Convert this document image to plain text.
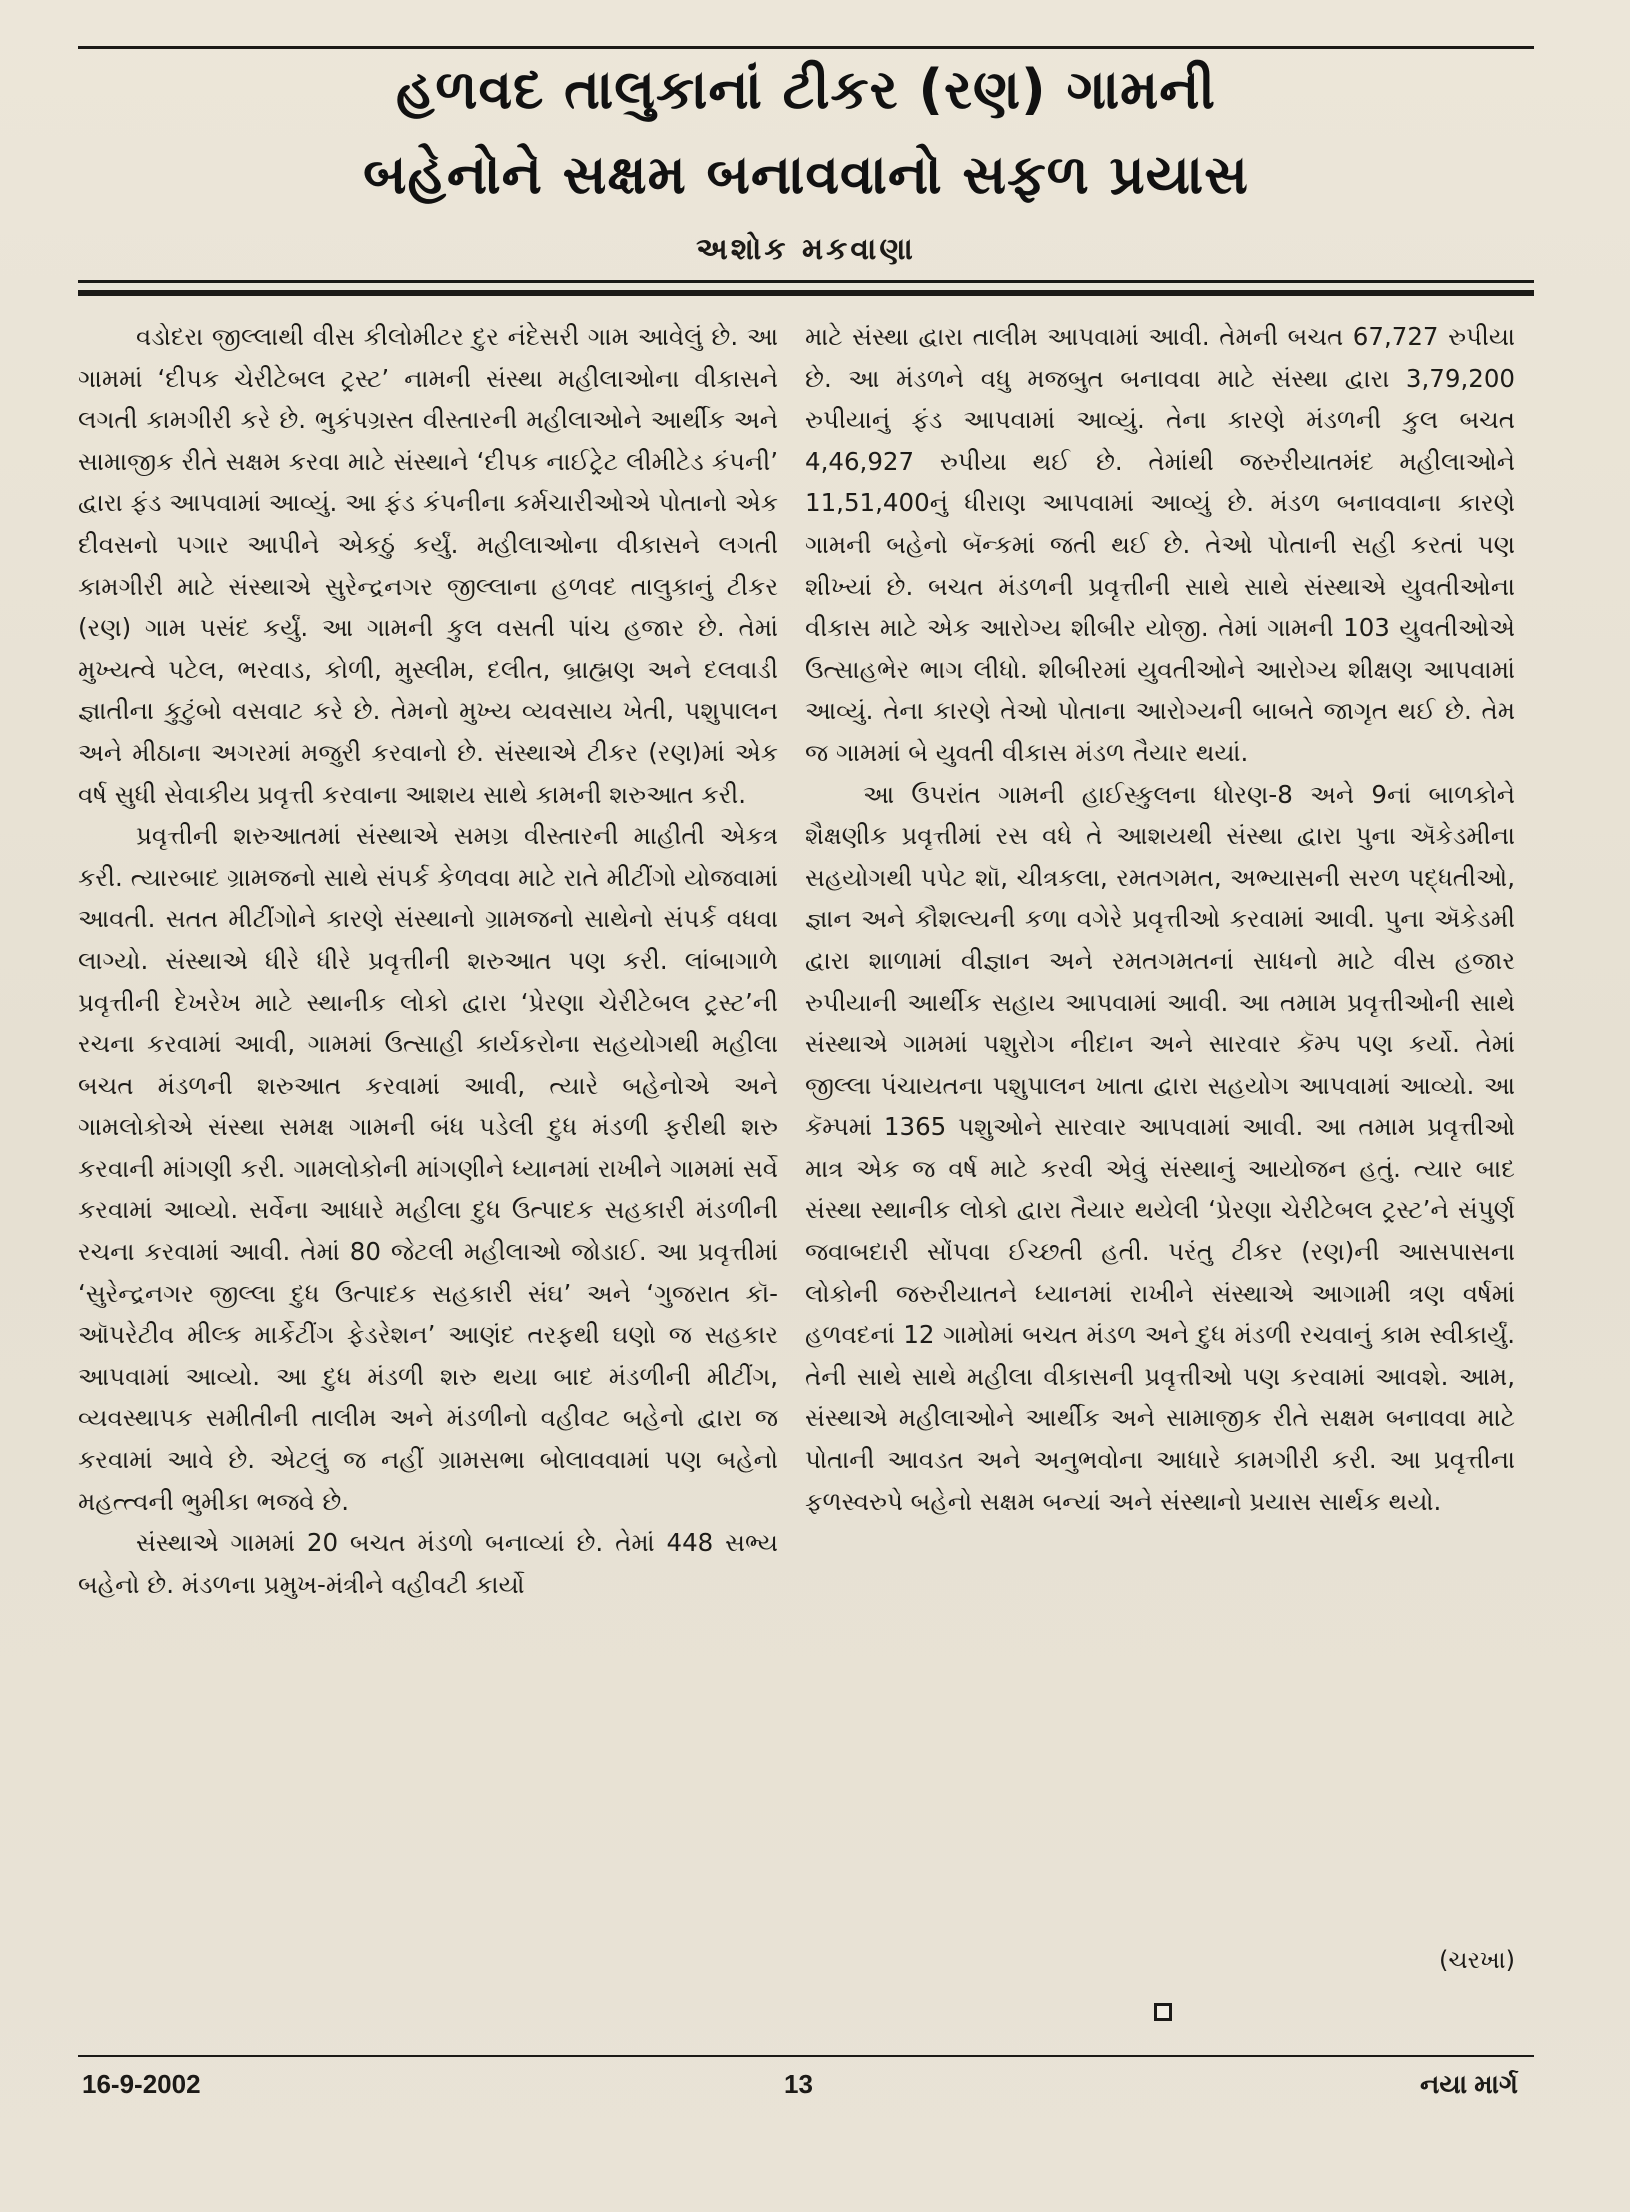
હળવદ તાલુકાનાં ટીકર (રણ) ગામની
બહેનોને સક્ષમ બનાવવાનો સફળ પ્રયાસ
અશોક મકવાણા

વડોદરા જીલ્લાથી વીસ કીલોમીટર દુર નંદેસરી ગામ આવેલું છે. આ ગામમાં ‘દીપક ચેરીટેબલ ટ્રસ્ટ’ નામની સંસ્થા મહીલાઓના વીકાસને લગતી કામગીરી કરે છે. ભુકંપગ્રસ્ત વીસ્તારની મહીલાઓને આર્થીક અને સામાજીક રીતે સક્ષમ કરવા માટે સંસ્થાને ‘દીપક નાઈટ્રેટ લીમીટેડ કંપની’ દ્વારા ફંડ આપવામાં આવ્યું. આ ફંડ કંપનીના કર્મચારીઓએ પોતાનો એક દીવસનો પગાર આપીને એકઠું કર્યું. મહીલાઓના વીકાસને લગતી કામગીરી માટે સંસ્થાએ સુરેન્દ્રનગર જીલ્લાના હળવદ તાલુકાનું ટીકર (રણ) ગામ પસંદ કર્યું. આ ગામની કુલ વસતી પાંચ હજાર છે. તેમાં મુખ્યત્વે પટેલ, ભરવાડ, કોળી, મુસ્લીમ, દલીત, બ્રાહ્મણ અને દલવાડી જ્ઞાતીના કુટુંબો વસવાટ કરે છે. તેમનો મુખ્ય વ્યવસાય ખેતી, પશુપાલન અને મીઠાના અગરમાં મજુરી કરવાનો છે. સંસ્થાએ ટીકર (રણ)માં એક વર્ષ સુધી સેવાકીય પ્રવૃત્તી કરવાના આશય સાથે કામની શરુઆત કરી.

પ્રવૃત્તીની શરુઆતમાં સંસ્થાએ સમગ્ર વીસ્તારની માહીતી એકત્ર કરી. ત્યારબાદ ગ્રામજનો સાથે સંપર્ક કેળવવા માટે રાતે મીટીંગો યોજવામાં આવતી. સતત મીટીંગોને કારણે સંસ્થાનો ગ્રામજનો સાથેનો સંપર્ક વધવા લાગ્યો. સંસ્થાએ ધીરે ધીરે પ્રવૃત્તીની શરુઆત પણ કરી. લાંબાગાળે પ્રવૃત્તીની દેખરેખ માટે સ્થાનીક લોકો દ્વારા ‘પ્રેરણા ચેરીટેબલ ટ્રસ્ટ’ની રચના કરવામાં આવી, ગામમાં ઉત્સાહી કાર્યકરોના સહયોગથી મહીલા બચત મંડળની શરુઆત કરવામાં આવી, ત્યારે બહેનોએ અને ગામલોકોએ સંસ્થા સમક્ષ ગામની બંધ પડેલી દુધ મંડળી ફરીથી શરુ કરવાની માંગણી કરી. ગામલોકોની માંગણીને ધ્યાનમાં રાખીને ગામમાં સર્વે કરવામાં આવ્યો. સર્વેના આધારે મહીલા દુધ ઉત્પાદક સહકારી મંડળીની રચના કરવામાં આવી. તેમાં 80 જેટલી મહીલાઓ જોડાઈ. આ પ્રવૃત્તીમાં ‘સુરેન્દ્રનગર જીલ્લા દુધ ઉત્પાદક સહકારી સંઘ’ અને ‘ગુજરાત કૉ-ઑપરેટીવ મીલ્ક માર્કેટીંગ ફેડરેશન’ આણંદ તરફથી ઘણો જ સહકાર આપવામાં આવ્યો. આ દુધ મંડળી શરુ થયા બાદ મંડળીની મીટીંગ, વ્યવસ્થાપક સમીતીની તાલીમ અને મંડળીનો વહીવટ બહેનો દ્વારા જ કરવામાં આવે છે. એટલું જ નહીં ગ્રામસભા બોલાવવામાં પણ બહેનો મહત્ત્વની ભુમીકા ભજવે છે.

સંસ્થાએ ગામમાં 20 બચત મંડળો બનાવ્યાં છે. તેમાં 448 સભ્ય બહેનો છે. મંડળના પ્રમુખ-મંત્રીને વહીવટી કાર્યો

માટે સંસ્થા દ્વારા તાલીમ આપવામાં આવી. તેમની બચત 67,727 રુપીયા છે. આ મંડળને વધુ મજબુત બનાવવા માટે સંસ્થા દ્વારા 3,79,200 રુપીયાનું ફંડ આપવામાં આવ્યું. તેના કારણે મંડળની કુલ બચત 4,46,927 રુપીયા થઈ છે. તેમાંથી જરુરીયાતમંદ મહીલાઓને 11,51,400નું ધીરાણ આપવામાં આવ્યું છે. મંડળ બનાવવાના કારણે ગામની બહેનો બૅન્કમાં જતી થઈ છે. તેઓ પોતાની સહી કરતાં પણ શીખ્યાં છે. બચત મંડળની પ્રવૃત્તીની સાથે સાથે સંસ્થાએ યુવતીઓના વીકાસ માટે એક આરોગ્ય શીબીર યોજી. તેમાં ગામની 103 યુવતીઓએ ઉત્સાહભેર ભાગ લીધો. શીબીરમાં યુવતીઓને આરોગ્ય શીક્ષણ આપવામાં આવ્યું. તેના કારણે તેઓ પોતાના આરોગ્યની બાબતે જાગૃત થઈ છે. તેમ જ ગામમાં બે યુવતી વીકાસ મંડળ તૈયાર થયાં.

આ ઉપરાંત ગામની હાઈસ્કુલના ધોરણ-8 અને 9નાં બાળકોને શૈક્ષણીક પ્રવૃત્તીમાં રસ વધે તે આશયથી સંસ્થા દ્વારા પુના ઍકેડમીના સહયોગથી પપેટ શૉ, ચીત્રકલા, રમતગમત, અભ્યાસની સરળ પદ્ધતીઓ, જ્ઞાન અને કૌશલ્યની કળા વગેરે પ્રવૃત્તીઓ કરવામાં આવી. પુના ઍકેડમી દ્વારા શાળામાં વીજ્ઞાન અને રમતગમતનાં સાધનો માટે વીસ હજાર રુપીયાની આર્થીક સહાય આપવામાં આવી. આ તમામ પ્રવૃત્તીઓની સાથે સંસ્થાએ ગામમાં પશુરોગ નીદાન અને સારવાર કૅમ્પ પણ કર્યો. તેમાં જીલ્લા પંચાયતના પશુપાલન ખાતા દ્વારા સહયોગ આપવામાં આવ્યો. આ કૅમ્પમાં 1365 પશુઓને સારવાર આપવામાં આવી. આ તમામ પ્રવૃત્તીઓ માત્ર એક જ વર્ષ માટે કરવી એવું સંસ્થાનું આયોજન હતું. ત્યાર બાદ સંસ્થા સ્થાનીક લોકો દ્વારા તૈયાર થયેલી ‘પ્રેરણા ચેરીટેબલ ટ્રસ્ટ’ને સંપુર્ણ જવાબદારી સોંપવા ઈચ્છતી હતી. પરંતુ ટીકર (રણ)ની આસપાસના લોકોની જરુરીયાતને ધ્યાનમાં રાખીને સંસ્થાએ આગામી ત્રણ વર્ષમાં હળવદનાં 12 ગામોમાં બચત મંડળ અને દુધ મંડળી રચવાનું કામ સ્વીકાર્યું. તેની સાથે સાથે મહીલા વીકાસની પ્રવૃત્તીઓ પણ કરવામાં આવશે. આમ, સંસ્થાએ મહીલાઓને આર્થીક અને સામાજીક રીતે સક્ષમ બનાવવા માટે પોતાની આવડત અને અનુભવોના આધારે કામગીરી કરી. આ પ્રવૃત્તીના ફળસ્વરુપે બહેનો સક્ષમ બન્યાં અને સંસ્થાનો પ્રયાસ સાર્થક થયો.

(ચરખા)
16-9-2002	13	નયા માર્ગ
